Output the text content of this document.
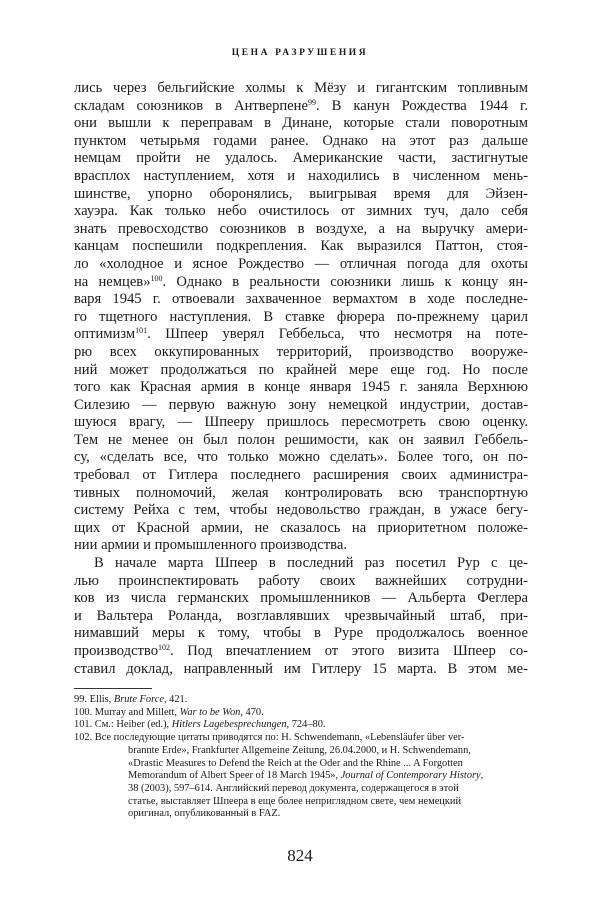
ЦЕНА РАЗРУШЕНИЯ
лись через бельгийские холмы к Мёзу и гигантским топливным
складам союзников в Антверпене$^{99}$. В канун Рождества 1944 г.
они вышли к переправам в Динане, которые стали поворотным
пунктом четырьмя годами ранее. Однако на этот раз дальше
немцам пройти не удалось. Американские части, застигнутые
врасплох наступлением, хотя и находились в численном мень-
шинстве, упорно оборонялись, выигрывая время для Эйзен-
хауэра. Как только небо очистилось от зимних туч, дало себя
знать превосходство союзников в воздухе, а на выручку амери-
канцам поспешили подкрепления. Как выразился Паттон, стоя-
ло «холодное и ясное Рождество — отличная погода для охоты
на немцев»$^{100}$. Однако в реальности союзники лишь к концу ян-
варя 1945 г. отвоевали захваченное вермахтом в ходе последне-
го тщетного наступления. В ставке фюрера по-прежнему царил
оптимизм$^{101}$. Шпеер уверял Геббельса, что несмотря на поте-
рю всех оккупированных территорий, производство вооруже-
ний может продолжаться по крайней мере еще год. Но после
того как Красная армия в конце января 1945 г. заняла Верхнюю
Силезию — первую важную зону немецкой индустрии, достав-
шуюся врагу, — Шпееру пришлось пересмотреть свою оценку.
Тем не менее он был полон решимости, как он заявил Геббель-
су, «сделать все, что только можно сделать». Более того, он по-
требовал от Гитлера последнего расширения своих администра-
тивных полномочий, желая контролировать всю транспортную
систему Рейха с тем, чтобы недовольство граждан, в ужасе бегу-
щих от Красной армии, не сказалось на приоритетном положе-
нии армии и промышленного производства.
В начале марта Шпеер в последний раз посетил Рур с це-
лью проинспектировать работу своих важнейших сотрудни-
ков из числа германских промышленников — Альберта Феглера
и Вальтера Роланда, возглавлявших чрезвычайный штаб, при-
нимавший меры к тому, чтобы в Руре продолжалось военное
производство$^{102}$. Под впечатлением от этого визита Шпеер со-
ставил доклад, направленный им Гитлеру 15 марта. В этом ме-
99. Ellis, Brute Force, 421.
100. Murray and Millett, War to be Won, 470.
101. См.: Heiber (ed.), Hitlers Lagebesprechungen, 724–80.
102. Все последующие цитаты приводятся по: H. Schwendemann, «Lebensläufer über ver-
brannte Erde», Frankfurter Allgemeine Zeitung, 26.04.2000, и H. Schwendemann,
«Drastic Measures to Defend the Reich at the Oder and the Rhine ... A Forgotten
Memorandum of Albert Speer of 18 March 1945», Journal of Contemporary History,
38 (2003), 597–614. Английский перевод документа, содержащегося в этой
статье, выставляет Шпеера в еще более неприглядном свете, чем немецкий
оригинал, опубликованный в FAZ.
824
